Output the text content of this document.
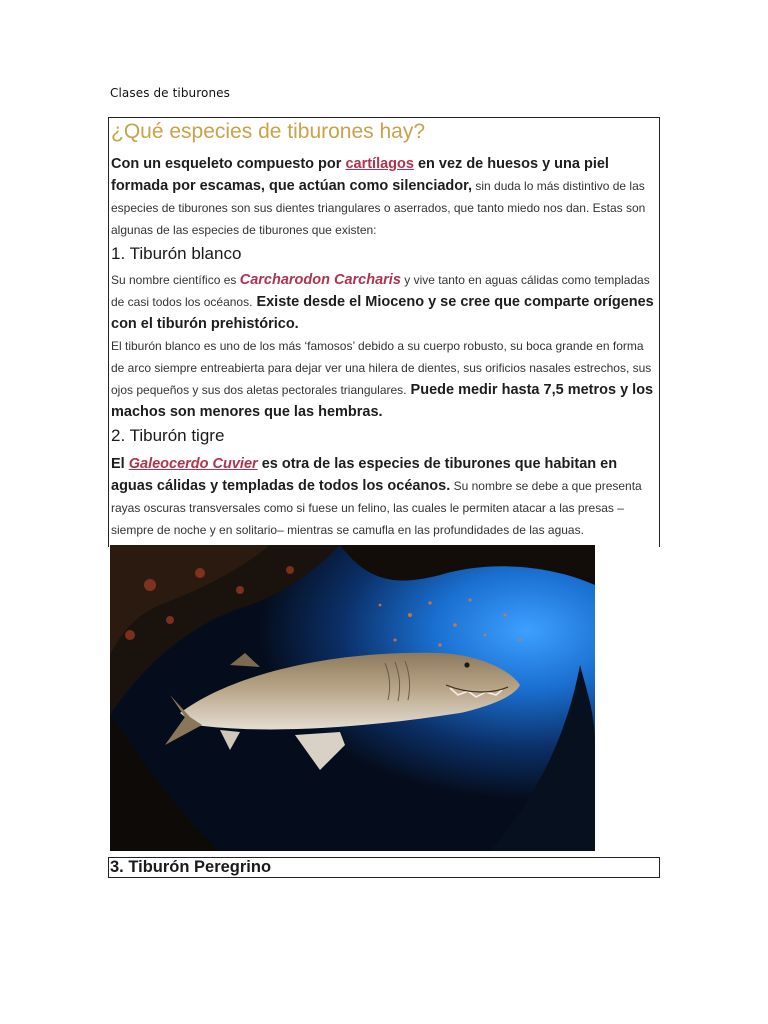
Clases de tiburones
¿Qué especies de tiburones hay?

Con un esqueleto compuesto por cartílagos en vez de huesos y una piel formada por escamas, que actúan como silenciador, sin duda lo más distintivo de las especies de tiburones son sus dientes triangulares o aserrados, que tanto miedo nos dan. Estas son algunas de las especies de tiburones que existen:

1. Tiburón blanco

Su nombre científico es Carcharodon Carcharis y vive tanto en aguas cálidas como templadas de casi todos los océanos. Existe desde el Mioceno y se cree que comparte orígenes con el tiburón prehistórico.

El tiburón blanco es uno de los más ‘famosos’ debido a su cuerpo robusto, su boca grande en forma de arco siempre entreabierta para dejar ver una hilera de dientes, sus orificios nasales estrechos, sus ojos pequeños y sus dos aletas pectorales triangulares. Puede medir hasta 7,5 metros y los machos son menores que las hembras.

2. Tiburón tigre

El Galeocerdo Cuvier es otra de las especies de tiburones que habitan en aguas cálidas y templadas de todos los océanos. Su nombre se debe a que presenta rayas oscuras transversales como si fuese un felino, las cuales le permiten atacar a las presas –siempre de noche y en solitario– mientras se camufla en las profundidades de las aguas.

3. Tiburón Peregrino
